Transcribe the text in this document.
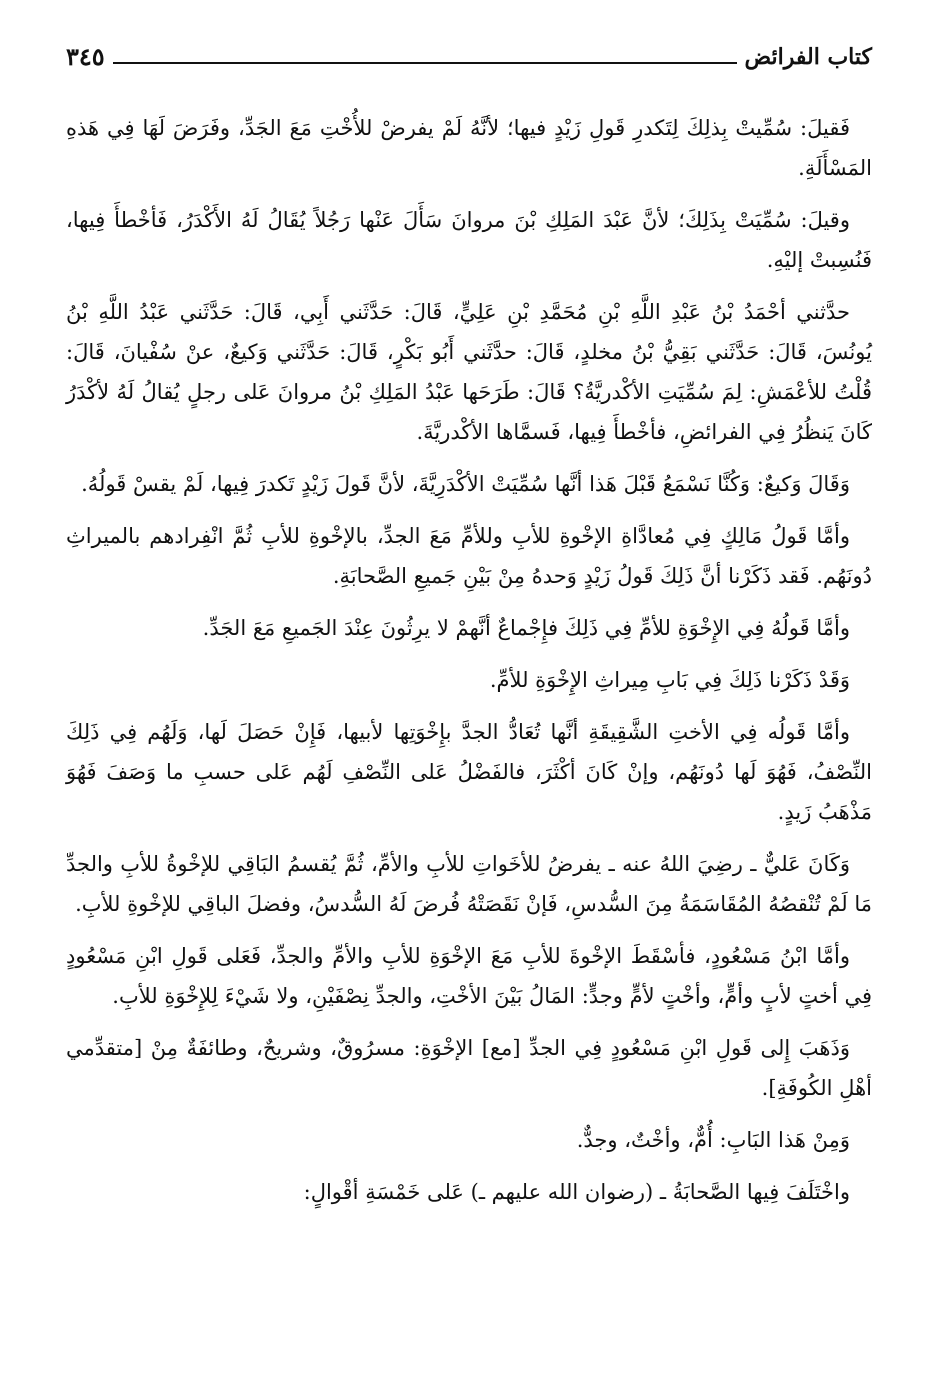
كتاب الفرائض
٣٤٥

فَقيلَ: سُمِّيتْ بِذلِكَ لِتَكدرِ قَولِ زَيْدٍ فيها؛ لأنَّهُ لَمْ يفرضْ للأُخْتِ مَعَ الجَدِّ، وفَرَضَ لَهَا فِي هَذهِ المَسْأَلَةِ.

وقيلَ: سُمِّيَتْ بِذَلِكَ؛ لأنَّ عَبْدَ المَلِكِ بْنَ مروانَ سَأَلَ عَنْها رَجُلاً يُقَالُ لَهُ الأَكْدَرُ، فَأخْطأَ فِيها، فَنُسِبتْ إليْهِ.

حدَّثني أحْمَدُ بْنُ عَبْدِ اللَّهِ بْنِ مُحَمَّدِ بْنِ عَلِيٍّ، قَالَ: حَدَّثَني أَبِي، قَالَ: حَدَّثَني عَبْدُ اللَّهِ بْنُ يُونُسَ، قَالَ: حَدَّثَني بَقِيُّ بْنُ مخلدٍ، قَالَ: حدَّثَني أَبُو بَكْرٍ، قَالَ: حَدَّثَني وَكيعٌ، عنْ سُفْيانَ، قَالَ: قُلْتُ للأعْمَشِ: لِمَ سُمِّيَتِ الأكْدريَّةُ؟ قَالَ: طَرَحَها عَبْدُ المَلِكِ بْنُ مروانَ عَلى رجلٍ يُقالُ لَهُ لأكْدَرُ كَانَ يَنظُرُ فِي الفرائضِ، فأخْطأَ فِيها، فَسمَّاها الأكْدريَّةَ.

وَقَالَ وَكيعٌ: وَكُنَّا نَسْمَعُ قَبْلَ هَذا أنَّها سُمِّيَتْ الأكْدَرِيَّةَ، لأنَّ قَولَ زَيْدٍ تَكدرَ فِيها، لَمْ يقسْ قَولُهُ.

وأمَّا قَولُ مَالِكٍ فِي مُعادَّاةِ الإخْوةِ للأبِ وللأمِّ مَعَ الجدِّ، بالإخْوةِ للأبِ ثُمَّ انْفِرادهم بالميراثِ دُونَهُم. فَقد ذَكَرْنا أنَّ ذَلِكَ قَولُ زَيْدٍ وَحدهُ مِنْ بَيْنِ جَميعِ الصَّحابَةِ.

وأمَّا قَولُهُ فِي الإِخْوَةِ للأمِّ فِي ذَلِكَ فإِجْماعٌ أنَّهمْ لا يرِثُونَ عِنْدَ الجَميعِ مَعَ الجَدِّ.

وَقَدْ ذَكَرْنا ذَلِكَ فِي بَابِ مِيراثِ الإِخْوَةِ للأمِّ.

وأمَّا قَولُه فِي الأختِ الشَّقِيقَةِ أنَّها تُعَادُّ الجدَّ بإِخْوَتِها لأبيها، فَإِنْ حَصَلَ لَها، وَلَهُم فِي ذَلِكَ النِّصْفُ، فَهُوَ لَها دُونَهُم، وإنْ كَانَ أكْثَرَ، فالفَضْلُ عَلى النِّصْفِ لَهُم عَلى حسبِ ما وَصَفَ فَهُوَ مَذْهَبُ زَيدٍ.

وَكَانَ عَليٌّ ـ رضِيَ اللهُ عنه ـ يفرضُ للأخَواتِ للأبِ والأمِّ، ثُمَّ يُقسمُ البَاقِي للإخْوةُ للأبِ والجدِّ مَا لَمْ تُنْقصُهُ المُقَاسَمَةُ مِنَ السُّدسِ، فَإنْ نَقَصَتْهُ فُرضَ لَهُ السُّدسُ، وفضلَ الباقِي للإخْوةِ للأبِ.

وأمَّا ابْنُ مَسْعُودٍ، فأسْقَطَ الإخْوةَ للأبِ مَعَ الإخْوَةِ للأبِ والأمِّ والجدِّ، فَعَلى قَولِ ابْنِ مَسْعُودٍ فِي أختٍ لأبٍ وأمٍّ، وأخْتٍ لأمٍّ وجدٍّ: المَالُ بَيْنَ الأخْتِ، والجدِّ نِصْفَيْنِ، ولا شَيْءَ لِلإِخْوَةِ للأبِ.

وَذَهَبَ إِلى قَولِ ابْنِ مَسْعُودٍ فِي الجدِّ [مع] الإخْوَةِ: مسرُوقٌ، وشريحٌ، وطائفَةٌ مِنْ [متقدِّمي أهْلِ الكُوفَةِ].

وَمِنْ هَذا البَابِ: أُمٌّ، وأخْتٌ، وجدٌّ.

واخْتَلَفَ فِيها الصَّحابَةُ ـ (رضوان الله عليهم ـ) عَلى خَمْسَةِ أقْوالٍ:
